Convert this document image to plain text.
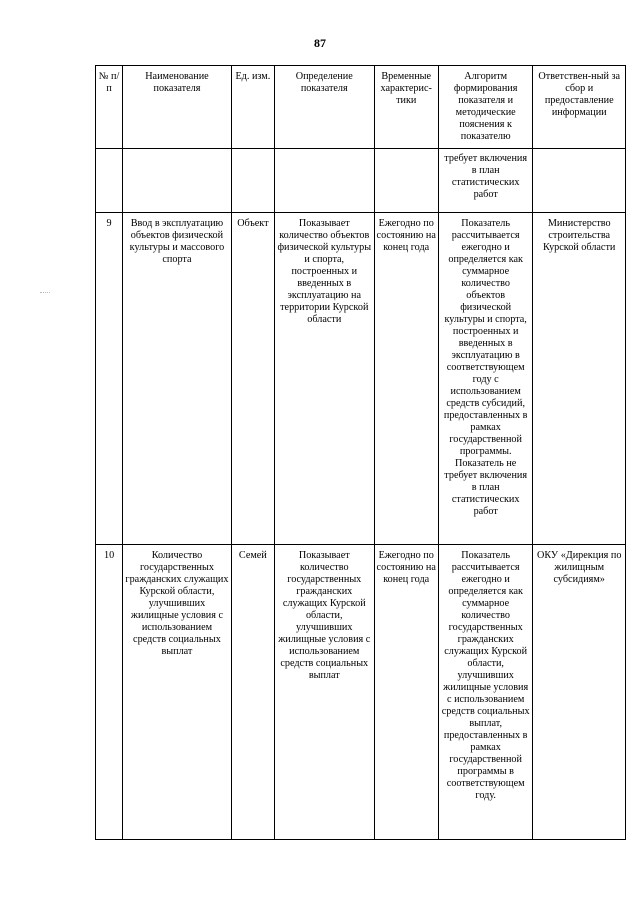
87
№ п/п	Наименование показателя	Ед. изм.	Определение показателя	Временные характерис-тики	Алгоритм формирования показателя и методические пояснения к показателю	Ответствен-ный за сбор и предоставление информации
					требует включения в план статистических работ	
9	Ввод в эксплуатацию объектов физической культуры и массового спорта	Объект	Показывает количество объектов физической культуры и спорта, построенных и введенных в эксплуатацию на территории Курской области	Ежегодно по состоянию на конец года	Показатель рассчитывается ежегодно и определяется как суммарное количество объектов физической культуры и спорта, построенных и введенных в эксплуатацию в соответствующем году с использованием средств субсидий, предоставленных в рамках государственной программы. Показатель не требует включения в план статистических работ	Министерство строительства Курской области
10	Количество государственных гражданских служащих Курской области, улучшивших жилищные условия с использованием средств социальных выплат	Семей	Показывает количество государственных гражданских служащих Курской области, улучшивших жилищные условия с использованием средств социальных выплат	Ежегодно по состоянию на конец года	Показатель рассчитывается ежегодно и определяется как суммарное количество государственных гражданских служащих Курской области, улучшивших жилищные условия с использованием средств социальных выплат, предоставленных в рамках государственной программы в соответствующем году.	ОКУ «Дирекция по жилищным субсидиям»
